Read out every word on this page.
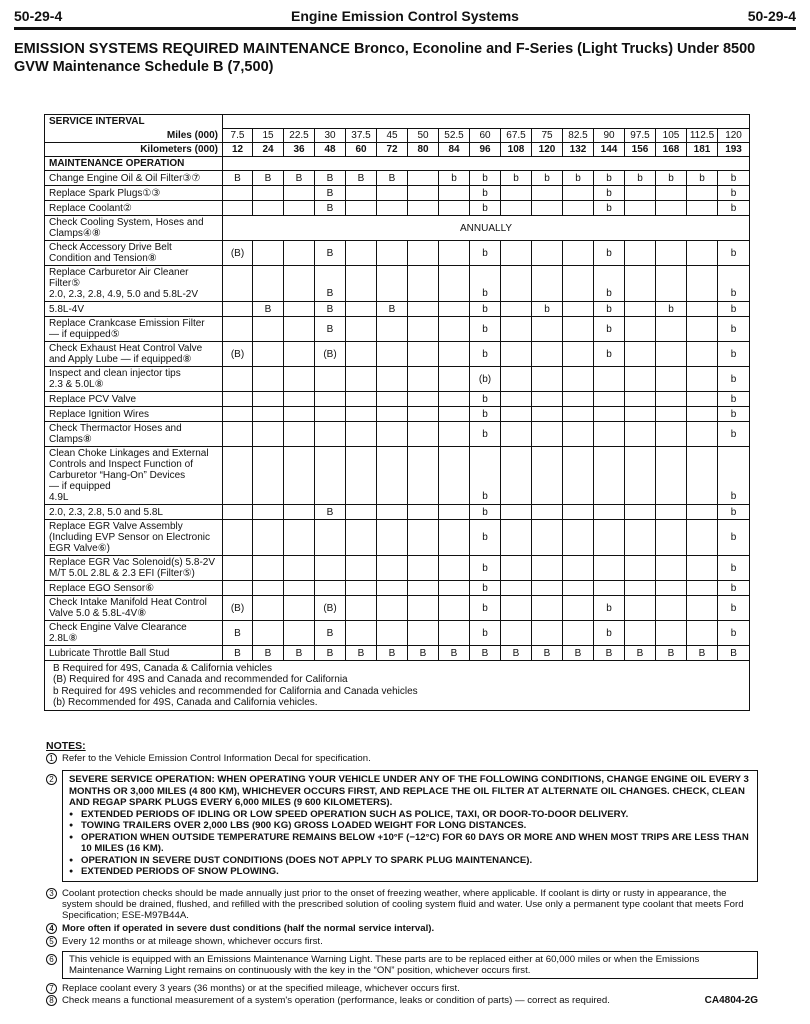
50-29-4	Engine Emission Control Systems	50-29-4
EMISSION SYSTEMS REQUIRED MAINTENANCE Bronco, Econoline and F-Series (Light Trucks) Under 8500 GVW Maintenance Schedule B (7,500)
SERVICE INTERVAL																	
Miles (000)	7.5	15	22.5	30	37.5	45	50	52.5	60	67.5	75	82.5	90	97.5	105	112.5	120
Kilometers (000)	12	24	36	48	60	72	80	84	96	108	120	132	144	156	168	181	193
MAINTENANCE OPERATION																	

Change Engine Oil & Oil Filter③⑦	B	B	B	B	B	B		b	b	b	b	b	b	b	b	b	b

Replace Spark Plugs①③				B					b				b				b

Replace Coolant②				B					b				b				b

Check Cooling System, Hoses and
Clamps④⑧	ANNUALLY																

Check Accessory Drive Belt
Condition and Tension⑧	(B)			B					b				b				b

Replace Carburetor Air Cleaner
Filter⑤
2.0, 2.3, 2.8, 4.9, 5.0 and 5.8L-2V				B					b				b				b

5.8L-4V		B		B		B			b		b		b		b		b

Replace Crankcase Emission Filter
— if equipped⑤				B					b				b				b

Check Exhaust Heat Control Valve
and Apply Lube — if equipped⑧	(B)			(B)					b				b				b

Inspect and clean injector tips
2.3 & 5.0L⑧									(b)								b

Replace PCV Valve									b								b

Replace Ignition Wires									b								b

Check Thermactor Hoses and
Clamps⑧									b								b

Clean Choke Linkages and External
Controls and Inspect Function of
Carburetor “Hang-On” Devices
— if equipped
4.9L									b								b

2.0, 2.3, 2.8, 5.0 and 5.8L				B					b								b

Replace EGR Valve Assembly
(Including EVP Sensor on Electronic
EGR Valve⑥)									b								b

Replace EGR Vac Solenoid(s) 5.8-2V
M/T 5.0L 2.8L & 2.3 EFI (Filter⑤)									b								b

Replace EGO Sensor⑥									b								b

Check Intake Manifold Heat Control
Valve 5.0 & 5.8L-4V⑧	(B)			(B)					b				b				b

Check Engine Valve Clearance
2.8L⑧	B			B					b				b				b

Lubricate Throttle Ball Stud	B	B	B	B	B	B	B	B	B	B	B	B	B	B	B	B	B

B Required for 49S, Canada & California vehicles
(B) Required for 49S and Canada and recommended for California
b Required for 49S vehicles and recommended for California and Canada vehicles
(b) Recommended for 49S, Canada and California vehicles.																	
NOTES:
1 Refer to the Vehicle Emission Control Information Decal for specification.
2	SEVERE SERVICE OPERATION: WHEN OPERATING YOUR VEHICLE UNDER ANY OF THE FOLLOWING CONDITIONS, CHANGE ENGINE OIL EVERY 3 MONTHS OR 3,000 MILES (4 800 KM), WHICHEVER OCCURS FIRST, AND REPLACE THE OIL FILTER AT ALTERNATE OIL CHANGES. CHECK, CLEAN AND REGAP SPARK PLUGS EVERY 6,000 MILES (9 600 KILOMETERS).
● EXTENDED PERIODS OF IDLING OR LOW SPEED OPERATION SUCH AS POLICE, TAXI, OR DOOR-TO-DOOR DELIVERY.
● TOWING TRAILERS OVER 2,000 LBS (900 KG) GROSS LOADED WEIGHT FOR LONG DISTANCES.
● OPERATION WHEN OUTSIDE TEMPERATURE REMAINS BELOW +10°F (−12°C) FOR 60 DAYS OR MORE AND WHEN MOST TRIPS ARE LESS THAN 10 MILES (16 KM).
● OPERATION IN SEVERE DUST CONDITIONS (DOES NOT APPLY TO SPARK PLUG MAINTENANCE).
● EXTENDED PERIODS OF SNOW PLOWING.
3 Coolant protection checks should be made annually just prior to the onset of freezing weather, where applicable. If coolant is dirty or rusty in appearance, the system should be drained, flushed, and refilled with the prescribed solution of cooling system fluid and water. Use only a permanent type coolant that meets Ford Specification; ESE-M97B44A.
4 More often if operated in severe dust conditions (half the normal service interval).
5 Every 12 months or at mileage shown, whichever occurs first.
6	This vehicle is equipped with an Emissions Maintenance Warning Light. These parts are to be replaced either at 60,000 miles or when the Emissions Maintenance Warning Light remains on continuously with the key in the “ON” position, whichever occurs first.
7 Replace coolant every 3 years (36 months) or at the specified mileage, whichever occurs first.
8 Check means a functional measurement of a system's operation (performance, leaks or condition of parts) — correct as required.	CA4804-2G
